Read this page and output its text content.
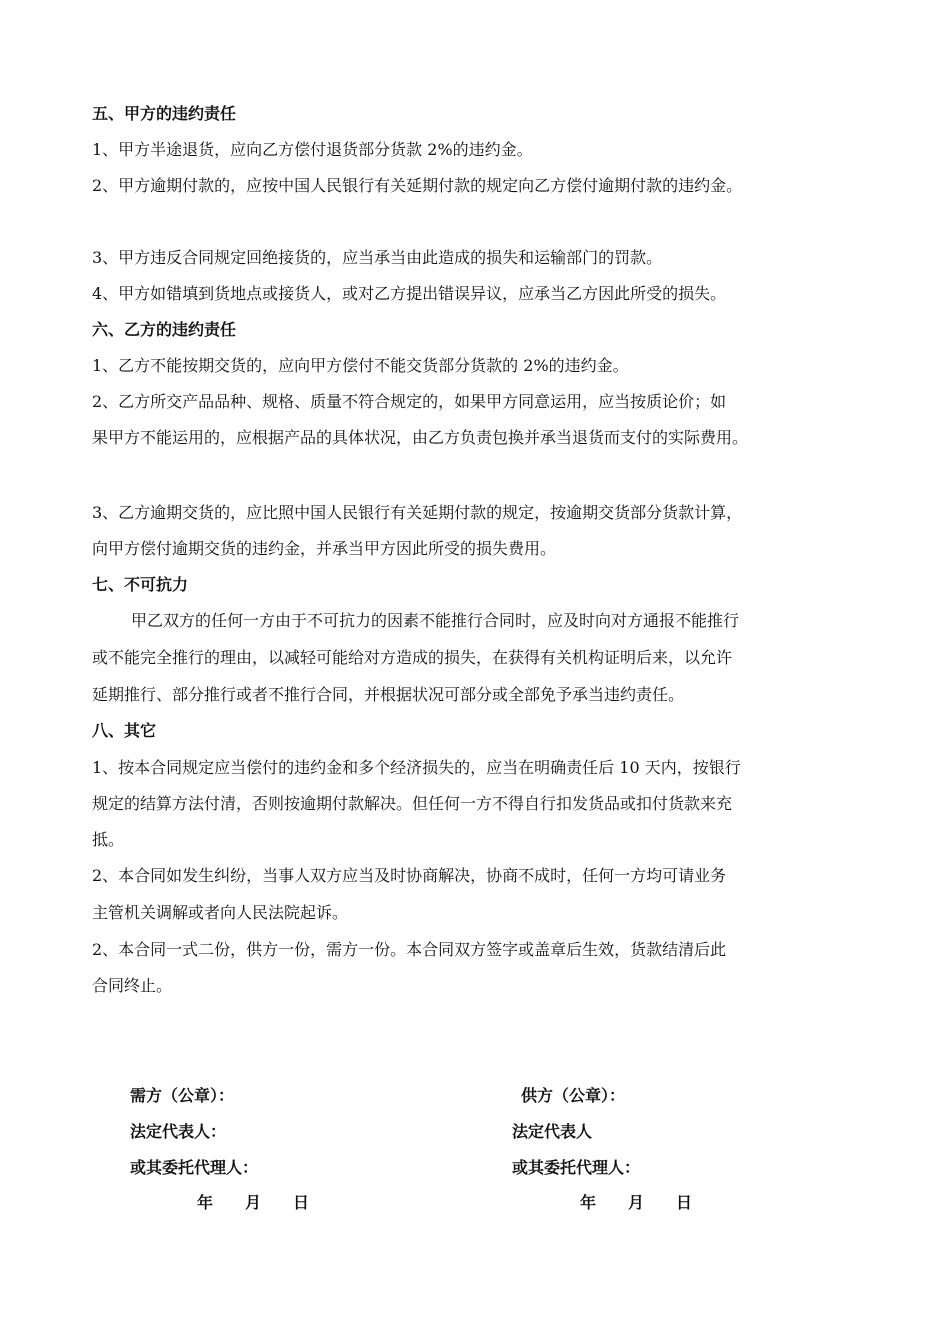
五、甲方的违约责任
1、甲方半途退货，应向乙方偿付退货部分货款 2%的违约金。
2、甲方逾期付款的，应按中国人民银行有关延期付款的规定向乙方偿付逾期付款的违约金。
3、甲方违反合同规定回绝接货的，应当承当由此造成的损失和运输部门的罚款。
4、甲方如错填到货地点或接货人，或对乙方提出错误异议，应承当乙方因此所受的损失。
六、乙方的违约责任
1、乙方不能按期交货的，应向甲方偿付不能交货部分货款的 2%的违约金。
2、乙方所交产品品种、规格、质量不符合规定的，如果甲方同意运用，应当按质论价；如
果甲方不能运用的，应根据产品的具体状况，由乙方负责包换并承当退货而支付的实际费用。
3、乙方逾期交货的，应比照中国人民银行有关延期付款的规定，按逾期交货部分货款计算，
向甲方偿付逾期交货的违约金，并承当甲方因此所受的损失费用。
七、不可抗力
甲乙双方的任何一方由于不可抗力的因素不能推行合同时，应及时向对方通报不能推行
或不能完全推行的理由，以减轻可能给对方造成的损失，在获得有关机构证明后来，以允许
延期推行、部分推行或者不推行合同，并根据状况可部分或全部免予承当违约责任。
八、其它
1、按本合同规定应当偿付的违约金和多个经济损失的，应当在明确责任后 10 天内，按银行
规定的结算方法付清，否则按逾期付款解决。但任何一方不得自行扣发货品或扣付货款来充
抵。
2、本合同如发生纠纷，当事人双方应当及时协商解决，协商不成时，任何一方均可请业务
主管机关调解或者向人民法院起诉。
2、本合同一式二份，供方一份，需方一份。本合同双方签字或盖章后生效，货款结清后此
合同终止。
需方（公章）：
法定代表人：
或其委托代理人：
年 月 日
供方（公章）：
法定代表人
或其委托代理人：
年 月 日
